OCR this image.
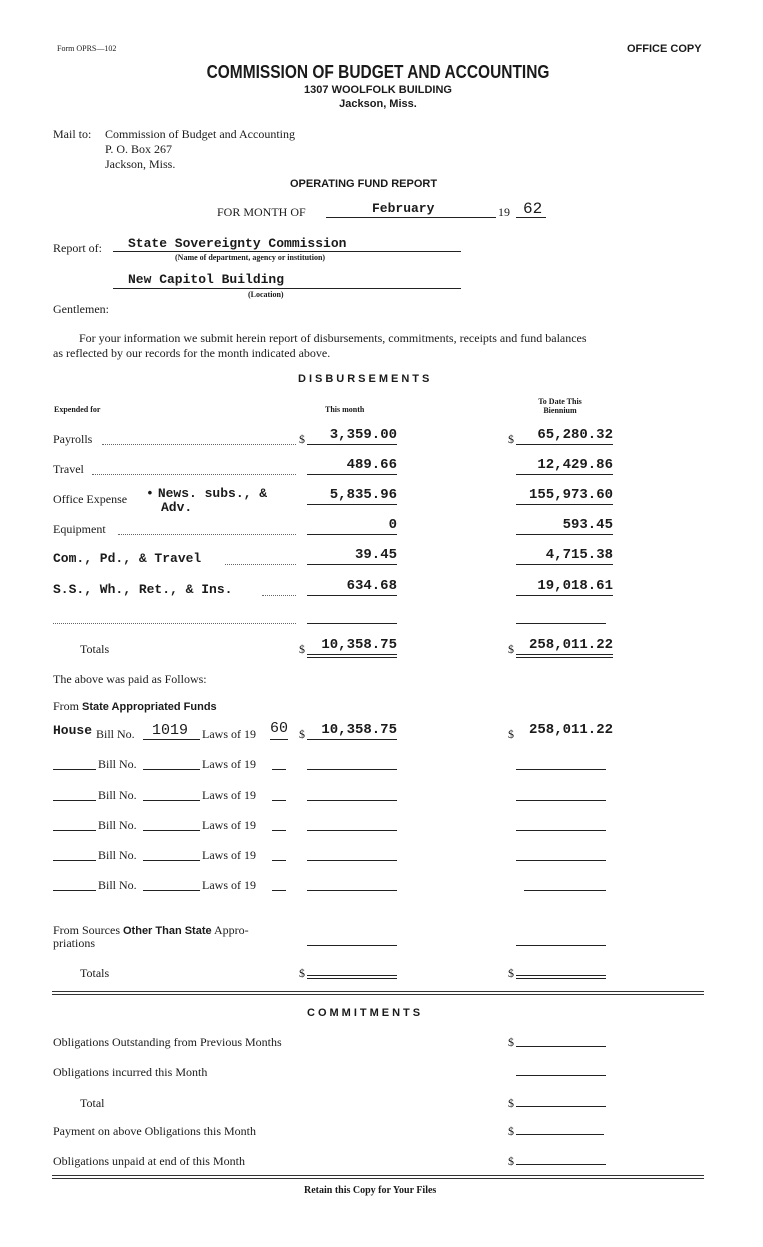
Form OPRS—102	OFFICE COPY
COMMISSION OF BUDGET AND ACCOUNTING
1307 WOOLFOLK BUILDING
Jackson, Miss.
Mail to: Commission of Budget and Accounting
P. O. Box 267
Jackson, Miss.
OPERATING FUND REPORT
FOR MONTH OF	February	19 62
Report of: State Sovereignty Commission
(Name of department, agency or institution)
New Capitol Building
(Location)
Gentlemen:
For your information we submit herein report of disbursements, commitments, receipts and fund balances
as reflected by our records for the month indicated above.
DISBURSEMENTS
Expended for	This month
To Date This
Biennium
Payrolls	$	3,359.00	$	65,280.32
Travel	489.66	12,429.86
Office Expense • News. subs., &
Adv.
5,835.96	155,973.60
Equipment	0	593.45
Com., Pd., & Travel	39.45	4,715.38
S.S., Wh., Ret., & Ins.	634.68	19,018.61
Totals	$	10,358.75	$	258,011.22
The above was paid as Follows:
From State Appropriated Funds
House Bill No. 1019 Laws of 19 60 $	10,358.75	$	258,011.22
Bill No.	Laws of 19
Bill No.	Laws of 19
Bill No.	Laws of 19
Bill No.	Laws of 19
Bill No.	Laws of 19
From Sources Other Than State Appro-
priations
Totals	$	$
COMMITMENTS
Obligations Outstanding from Previous Months	$
Obligations incurred this Month
Total	$
Payment on above Obligations this Month	$
Obligations unpaid at end of this Month	$
Retain this Copy for Your Files
